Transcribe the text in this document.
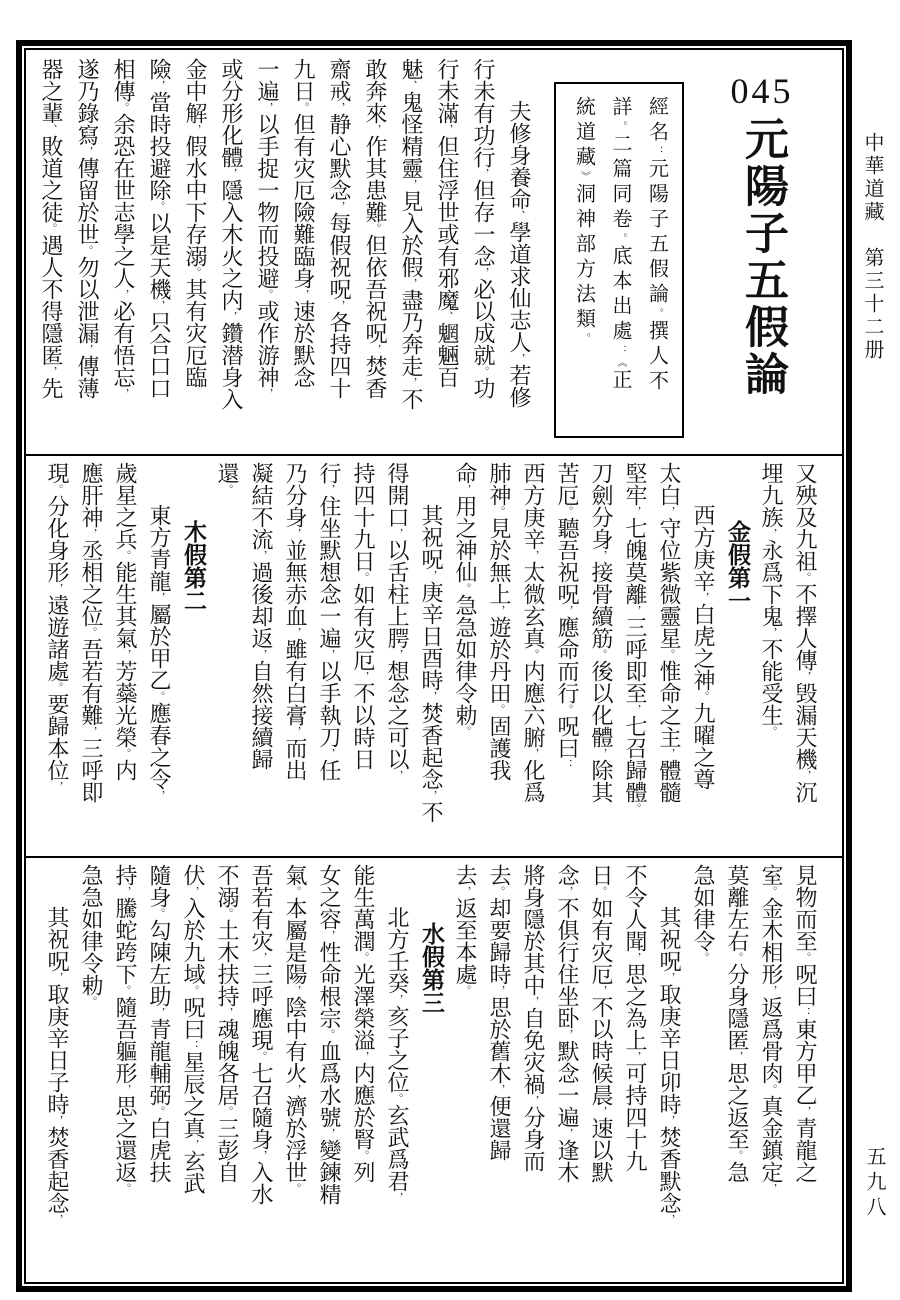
中華道藏　第三十二册
五九八
045
元陽子五假論
經名：元陽子五假論。撰人不
詳。二篇同卷。底本出處：《正
統道藏》洞神部方法類。
夫修身養命、學道求仙志人，若修
行未有功行，但存一念，必以成就。功
行未滿，但住浮世或有邪魔、魍魎百
魅、鬼怪精靈，見入於假，盡乃奔走，不
敢奔來，作其患難。但依吾祝呪，焚香
齋戒，静心默念，每假祝呪，各持四十
九日。但有灾厄險難臨身，速於默念
一遍，以手捉一物而投避。或作游神，
或分形化體，隱入木火之内，鑽潜身入
金中解，假水中下存溺。其有灾厄臨
險，當時投避除。以是天機，只合口口
相傳。余恐在世志學之人，必有悟忘，
遂乃錄寫，傳留於世。勿以泄漏，傳薄
器之輩、敗道之徒。遇人不得隱匿，先
又殃及九祖。不擇人傳，毁漏天機，沉
埋九族，永爲下鬼，不能受生。
金假第一
西方庚辛，白虎之神。九曜之尊
太白，守位紫微靈星。惟命之主，體髓
堅牢，七魄莫離，三呼即至，七召歸體。
刀劍分身，接骨續筋。後以化體，除其
苦厄。聽吾祝呪，應命而行。呪曰：
西方庚辛，太微玄真。内應六腑，化爲
肺神。見於無上，遊於丹田。固護我
命，用之神仙。急急如律令勅。
其祝呪，庚辛日酉時，焚香起念，不
得開口，以舌柱上腭，想念之可以，
持四十九日。如有灾厄，不以時日
行，住坐默想念一遍，以手執刀，任
乃分身，並無赤血，雖有白膏，而出
凝結不流，過後却返，自然接續歸
還。
木假第二
東方青龍，屬於甲乙。應春之令，
歲星之兵。能生其氣，芳蘂光榮。内
應肝神，丞相之位。吾若有難，三呼即
現。分化身形，遠遊諸處。要歸本位，
見物而至。呪曰：東方甲乙，青龍之
室。金木相形，返爲骨肉。真金鎮定，
莫離左右。分身隱匿，思之返至。急
急如律令。
其祝呪，取庚辛日卯時，焚香默念，
不令人聞，思之為上，可持四十九
日。如有灾厄，不以時候晨，速以默
念，不俱行住坐卧，默念一遍，逢木
將身隱於其中，自免灾禍，分身而
去。却要歸時，思於舊木，便還歸
去，返至本處。
水假第三
北方壬癸，亥子之位。玄武爲君，
能生萬潤。光澤榮溢，内應於腎。列
女之容，性命根宗。血爲水號，變鍊精
氣。本屬是陽，陰中有火，濟於浮世。
吾若有灾，三呼應現。七召隨身，入水
不溺。土木扶持，魂魄各居。三彭自
伏，入於九域。呪曰：星辰之真，玄武
隨身。勾陳左助，青龍輔弼。白虎扶
持，騰蛇跨下。隨吾軀形，思之還返。
急急如律令勅。
其祝呪，取庚辛日子時，焚香起念，
